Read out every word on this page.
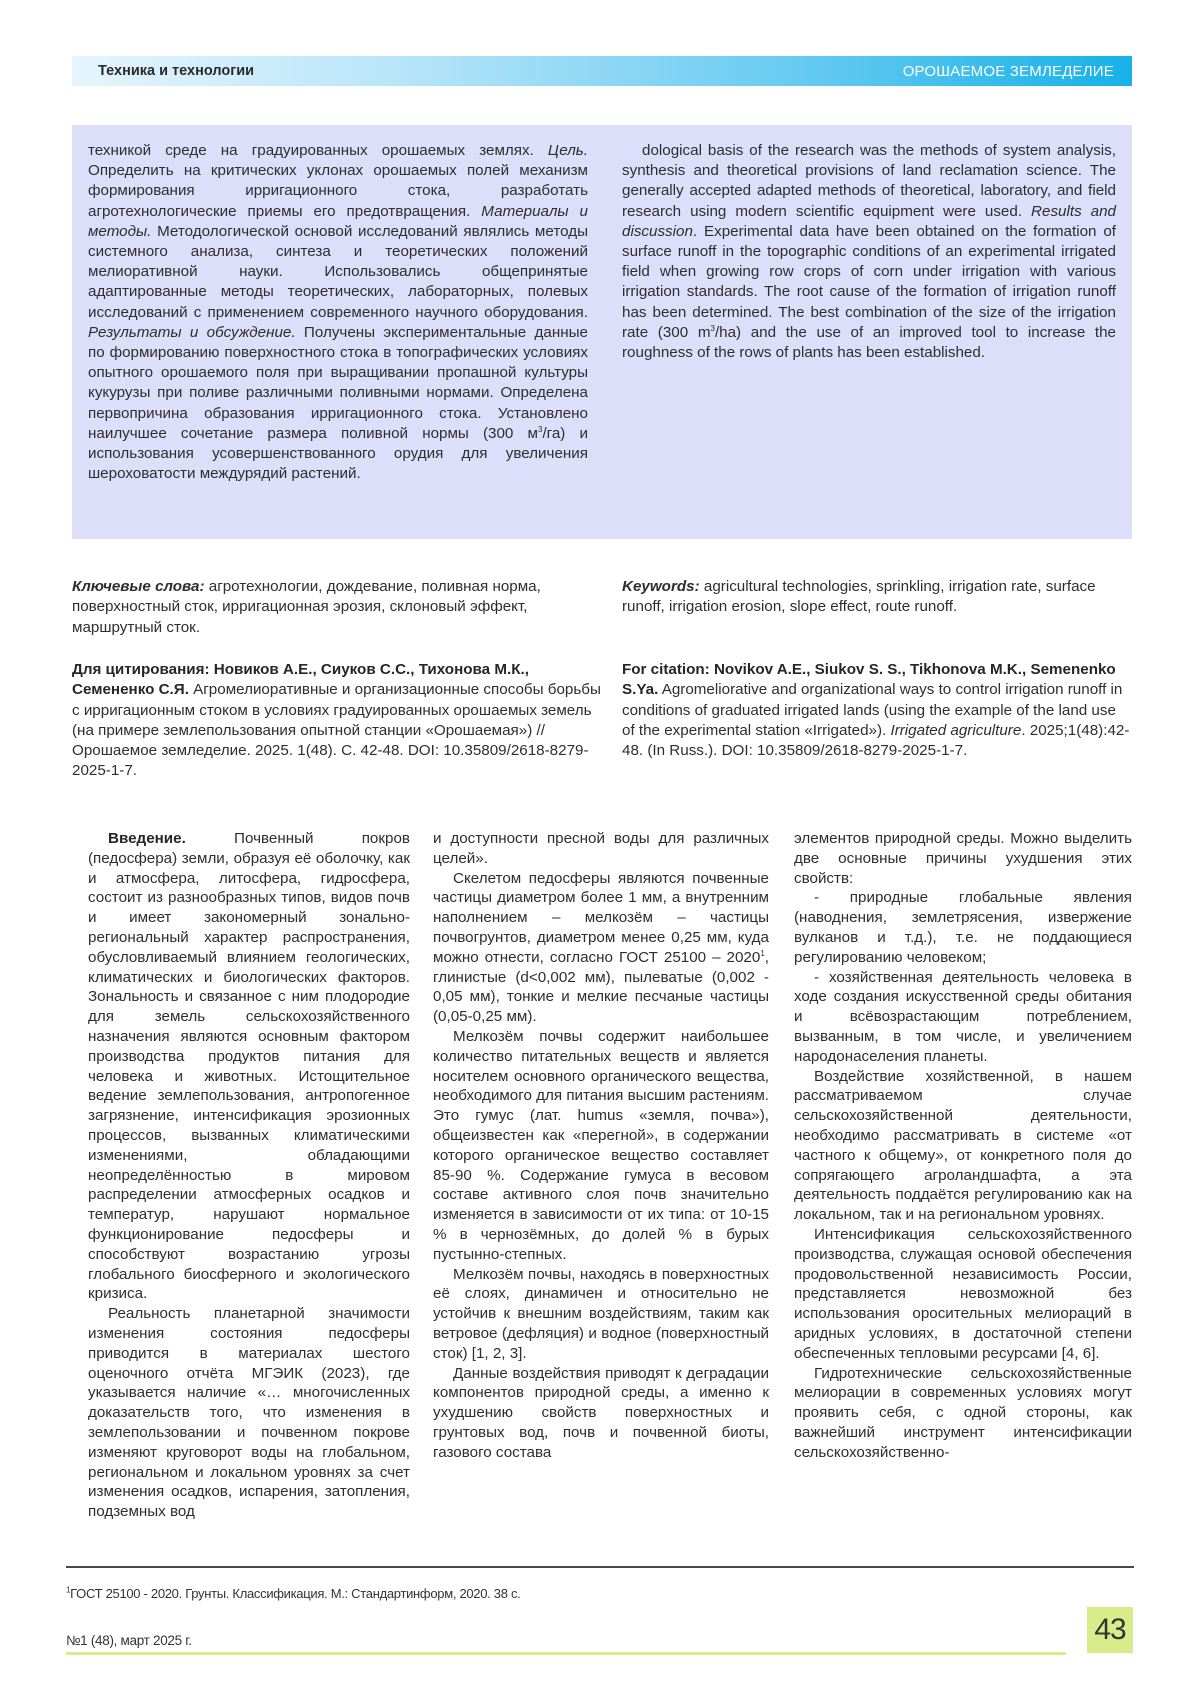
Техника и технологии	ОРОШАЕМОЕ ЗЕМЛЕДЕЛИЕ

техникой среде на градуированных орошаемых землях. Цель. Определить на критических уклонах орошаемых полей механизм формирования ирригационного стока, разработать агротехнологические приемы его предотвращения. Материалы и методы. Методологической основой исследований являлись методы системного анализа, синтеза и теоретических положений мелиоративной науки. Использовались общепринятые адаптированные методы теоретических, лабораторных, полевых исследований с применением современного научного оборудования. Результаты и обсуждение. Получены экспериментальные данные по формированию поверхностного стока в топографических условиях опытного орошаемого поля при выращивании пропашной культуры кукурузы при поливе различными поливными нормами. Определена первопричина образования ирригационного стока. Установлено наилучшее сочетание размера поливной нормы (300 $м^3/га$) и использования усовершенствованного орудия для увеличения шероховатости междурядий растений.

dological basis of the research was the methods of system analysis, synthesis and theoretical provisions of land reclamation science. The generally accepted adapted methods of theoretical, laboratory, and field research using modern scientific equipment were used. Results and discussion. Experimental data have been obtained on the formation of surface runoff in the topographic conditions of an experimental irrigated field when growing row crops of corn under irrigation with various irrigation standards. The root cause of the formation of irrigation runoff has been determined. The best combination of the size of the irrigation rate (300 $m^3/ha$) and the use of an improved tool to increase the roughness of the rows of plants has been established.

Ключевые слова: агротехнологии, дождевание, поливная норма, поверхностный сток, ирригационная эрозия, склоновый эффект, маршрутный сток.

Keywords: agricultural technologies, sprinkling, irrigation rate, surface runoff, irrigation erosion, slope effect, route runoff.

Для цитирования: Новиков А.Е., Сиуков С.С., Тихонова М.К., Семененко С.Я. Агромелиоративные и организационные способы борьбы с ирригационным стоком в условиях градуированных орошаемых земель (на примере землепользования опытной станции «Орошаемая») // Орошаемое земледелие. 2025. 1(48). С. 42-48. DOI: 10.35809/2618-8279-2025-1-7.

For citation: Novikov A.E., Siukov S. S., Tikhonova M.K., Semenenko S.Ya. Agromeliorative and organizational ways to control irrigation runoff in conditions of graduated irrigated lands (using the example of the land use of the experimental station «Irrigated»). Irrigated agriculture. 2025;1(48):42-48. (In Russ.). DOI: 10.35809/2618-8279-2025-1-7.

Введение. Почвенный покров (педосфера) земли, образуя её оболочку, как и атмосфера, литосфера, гидросфера, состоит из разнообразных типов, видов почв и имеет закономерный зонально-региональный характер распространения, обусловливаемый влиянием геологических, климатических и биологических факторов. Зональность и связанное с ним плодородие для земель сельскохозяйственного назначения являются основным фактором производства продуктов питания для человека и животных. Истощительное ведение землепользования, антропогенное загрязнение, интенсификация эрозионных процессов, вызванных климатическими изменениями, обладающими неопределённостью в мировом распределении атмосферных осадков и температур, нарушают нормальное функционирование педосферы и способствуют возрастанию угрозы глобального биосферного и экологического кризиса.

Реальность планетарной значимости изменения состояния педосферы приводится в материалах шестого оценочного отчёта МГЭИК (2023), где указывается наличие «… многочисленных доказательств того, что изменения в землепользовании и почвенном покрове изменяют круговорот воды на глобальном, региональном и локальном уровнях за счет изменения осадков, испарения, затопления, подземных вод

и доступности пресной воды для различных целей».

Скелетом педосферы являются почвенные частицы диаметром более 1 мм, а внутренним наполнением – мелкозём – частицы почвогрунтов, диаметром менее 0,25 мм, куда можно отнести, согласно ГОСТ 25100 – 2020$^1$, глинистые (d<0,002 мм), пылеватые (0,002 - 0,05 мм), тонкие и мелкие песчаные частицы (0,05-0,25 мм).

Мелкозём почвы содержит наибольшее количество питательных веществ и является носителем основного органического вещества, необходимого для питания высшим растениям. Это гумус (лат. humus «земля, почва»), общеизвестен как «перегной», в содержании которого органическое вещество составляет 85-90 %. Содержание гумуса в весовом составе активного слоя почв значительно изменяется в зависимости от их типа: от 10-15 % в чернозёмных, до долей % в бурых пустынно-степных.

Мелкозём почвы, находясь в поверхностных её слоях, динамичен и относительно не устойчив к внешним воздействиям, таким как ветровое (дефляция) и водное (поверхностный сток) [1, 2, 3].

Данные воздействия приводят к деградации компонентов природной среды, а именно к ухудшению свойств поверхностных и грунтовых вод, почв и почвенной биоты, газового состава

элементов природной среды. Можно выделить две основные причины ухудшения этих свойств:

- природные глобальные явления (наводнения, землетрясения, извержение вулканов и т.д.), т.е. не поддающиеся регулированию человеком;

- хозяйственная деятельность человека в ходе создания искусственной среды обитания и всёвозрастающим потреблением, вызванным, в том числе, и увеличением народонаселения планеты.

Воздействие хозяйственной, в нашем рассматриваемом случае сельскохозяйственной деятельности, необходимо рассматривать в системе «от частного к общему», от конкретного поля до сопрягающего агроландшафта, а эта деятельность поддаётся регулированию как на локальном, так и на региональном уровнях.

Интенсификация сельскохозяйственного производства, служащая основой обеспечения продовольственной независимость России, представляется невозможной без использования оросительных мелиораций в аридных условиях, в достаточной степени обеспеченных тепловыми ресурсами [4, 6].

Гидротехнические сельскохозяйственные мелиорации в современных условиях могут проявить себя, с одной стороны, как важнейший инструмент интенсификации сельскохозяйственно-

$^1$ГОСТ 25100 - 2020. Грунты. Классификация. М.: Стандартинформ, 2020. 38 с.
№1 (48), март 2025 г.	43
